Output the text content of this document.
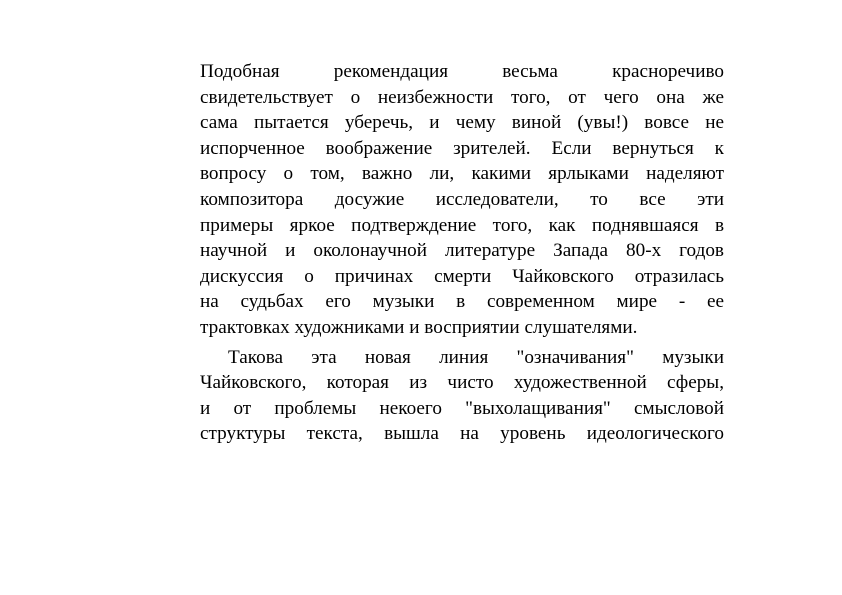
Подобная рекомендация весьма красноречиво
свидетельствует о неизбежности того, от чего она же
сама пытается уберечь, и чему виной (увы!) вовсе не
испорченное воображение зрителей. Если вернуться к
вопросу о том, важно ли, какими ярлыками наделяют
композитора досужие исследователи, то все эти
примеры яркое подтверждение того, как поднявшаяся в
научной и околонаучной литературе Запада 80-х годов
дискуссия о причинах смерти Чайковского отразилась
на судьбах его музыки в современном мире - ее
трактовках художниками и восприятии слушателями.
Такова эта новая линия "означивания" музыки
Чайковского, которая из чисто художественной сферы,
и от проблемы некоего "выхолащивания" смысловой
структуры текста, вышла на уровень идеологического
